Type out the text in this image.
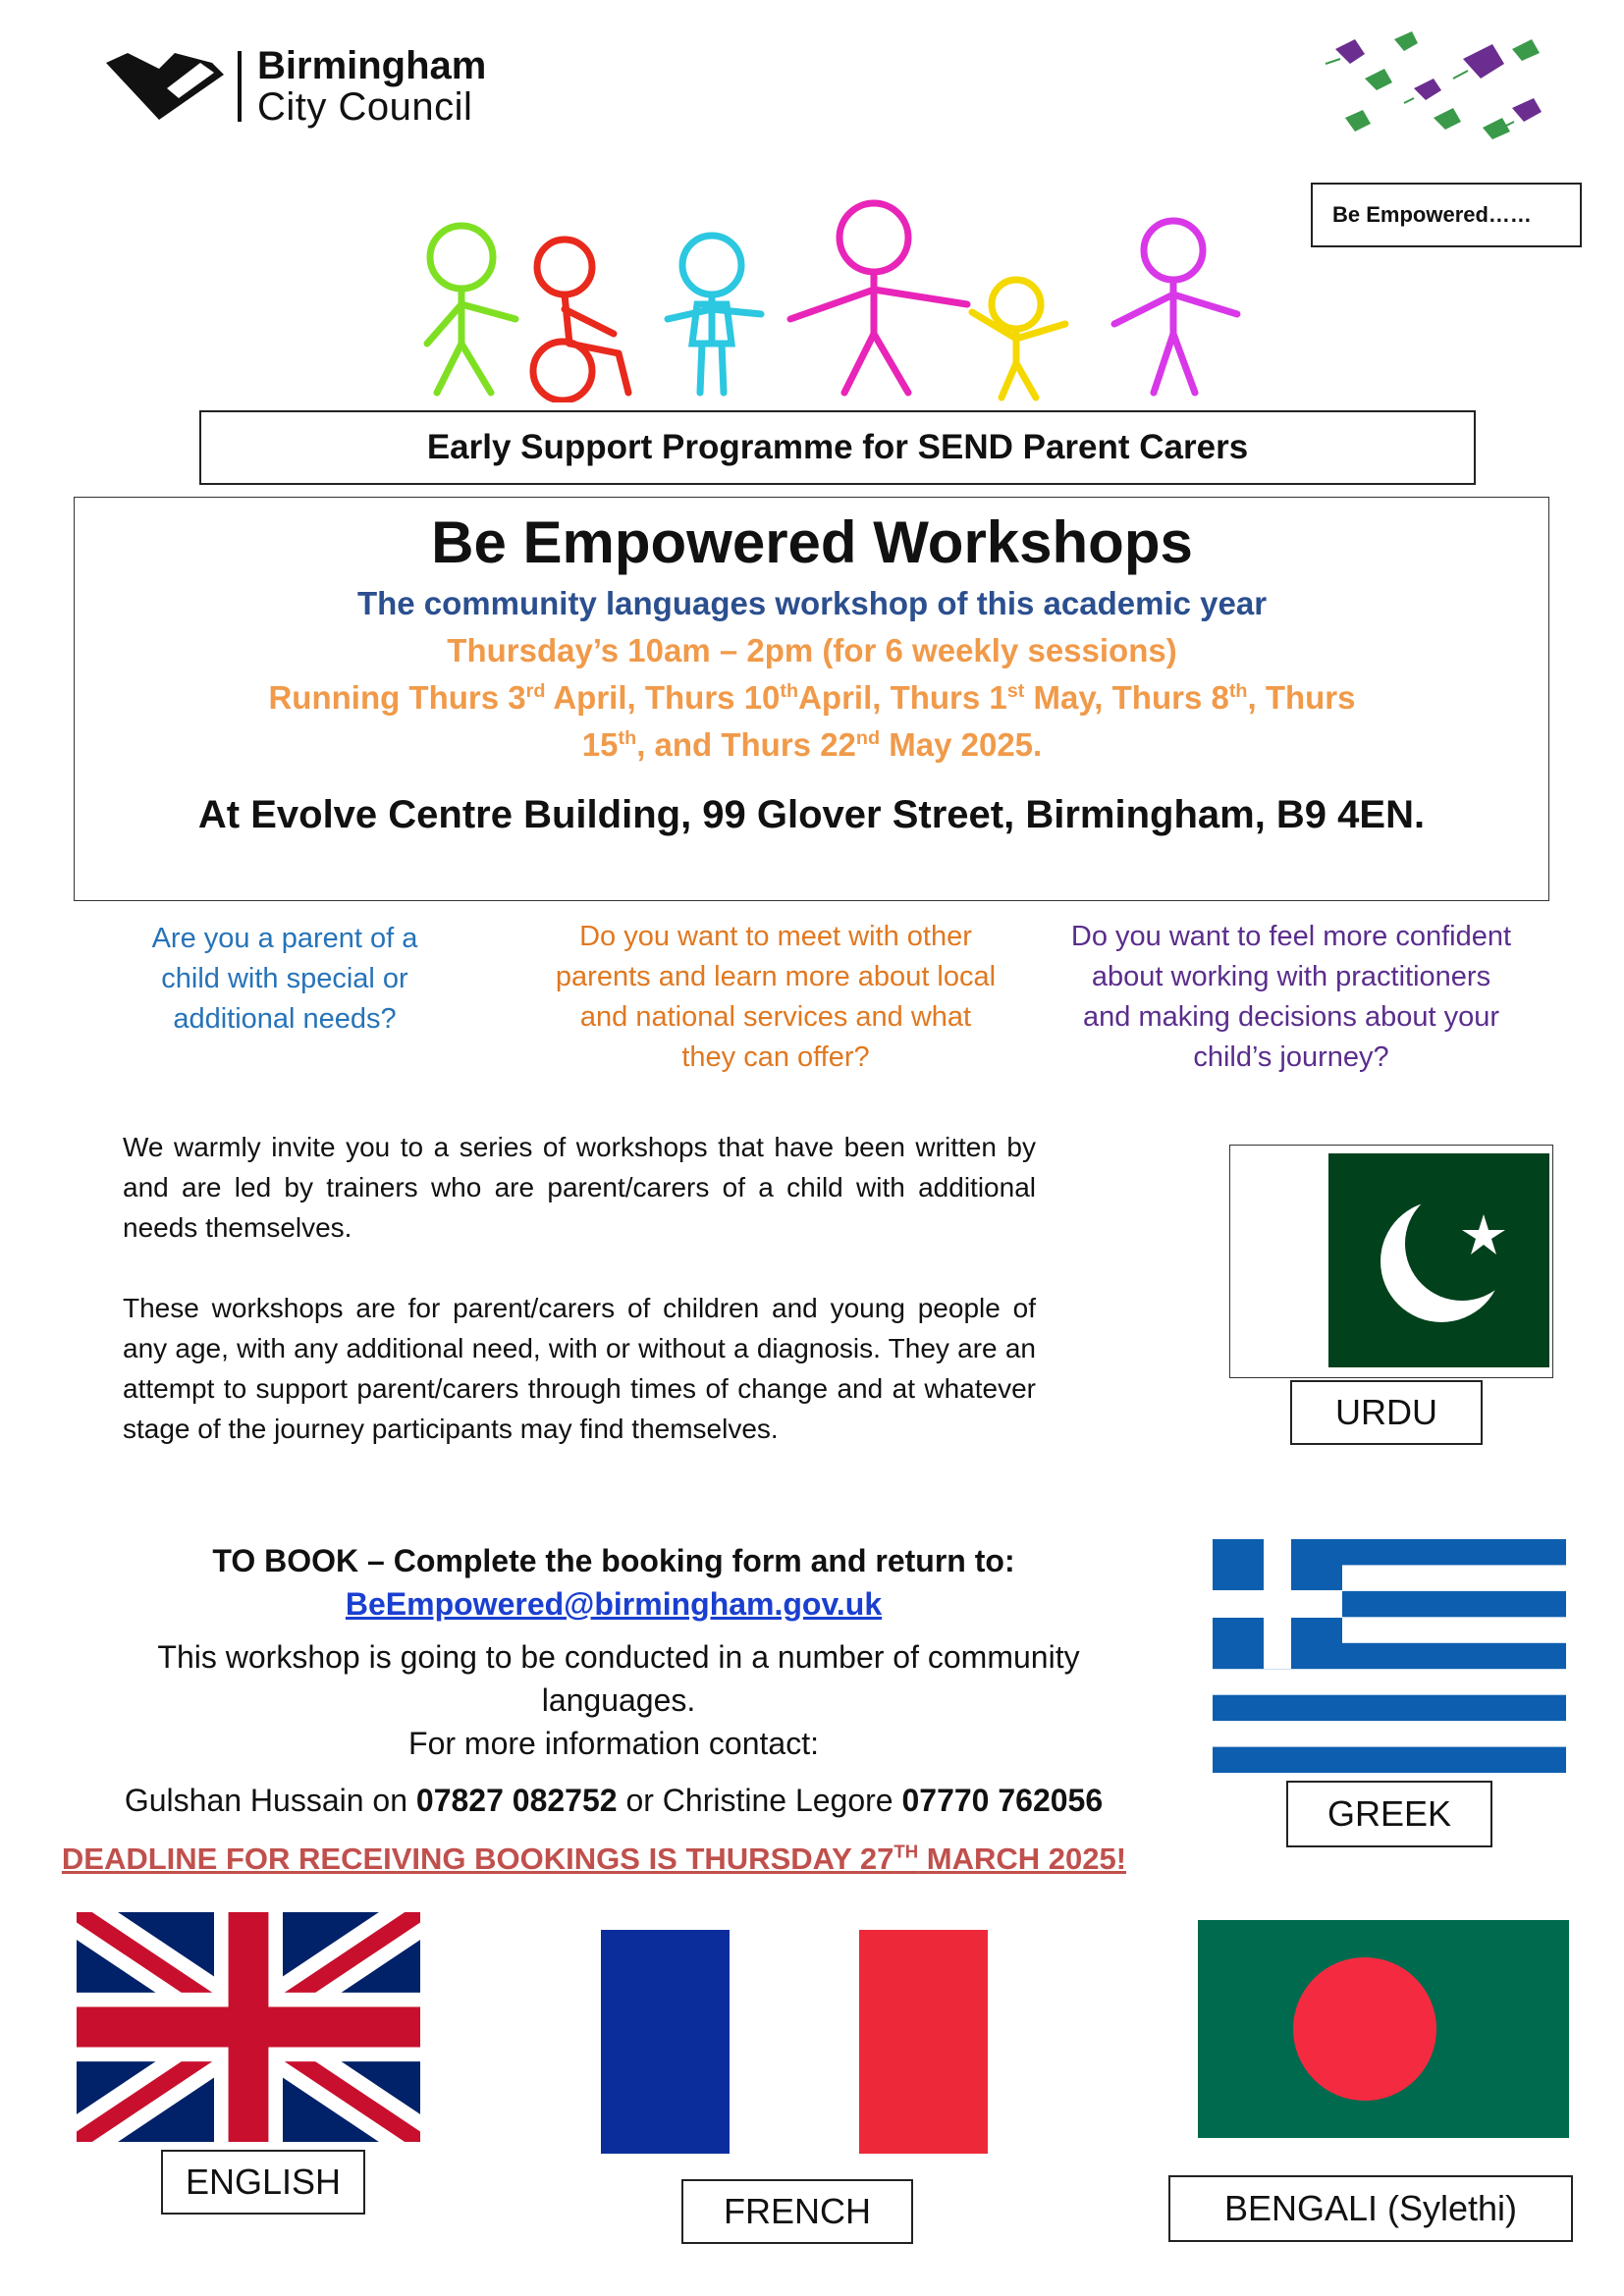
Birmingham
City Council
Be Empowered……
Early Support Programme for SEND Parent Carers
Be Empowered Workshops
The community languages workshop of this academic year
Thursday’s 10am – 2pm (for 6 weekly sessions)
Running Thurs 3rd April, Thurs 10thApril, Thurs 1st May, Thurs 8th, Thurs
15th, and Thurs 22nd May 2025.
At Evolve Centre Building, 99 Glover Street, Birmingham, B9 4EN.
Are you a parent of a child with special or additional needs?
Do you want to meet with other parents and learn more about local and national services and what they can offer?
Do you want to feel more confident about working with practitioners and making decisions about your child’s journey?
We warmly invite you to a series of workshops that have been written by and are led by trainers who are parent/carers of a child with additional needs themselves.
These workshops are for parent/carers of children and young people of any age, with any additional need, with or without a diagnosis. They are an attempt to support parent/carers through times of change and at whatever stage of the journey participants may find themselves.
TO BOOK – Complete the booking form and return to:
BeEmpowered@birmingham.gov.uk
This workshop is going to be conducted in a number of community languages.
For more information contact:
Gulshan Hussain on 07827 082752 or Christine Legore 07770 762056
DEADLINE FOR RECEIVING BOOKINGS IS THURSDAY 27TH MARCH 2025!
URDU
GREEK
ENGLISH
FRENCH	BENGALI (Sylethi)
